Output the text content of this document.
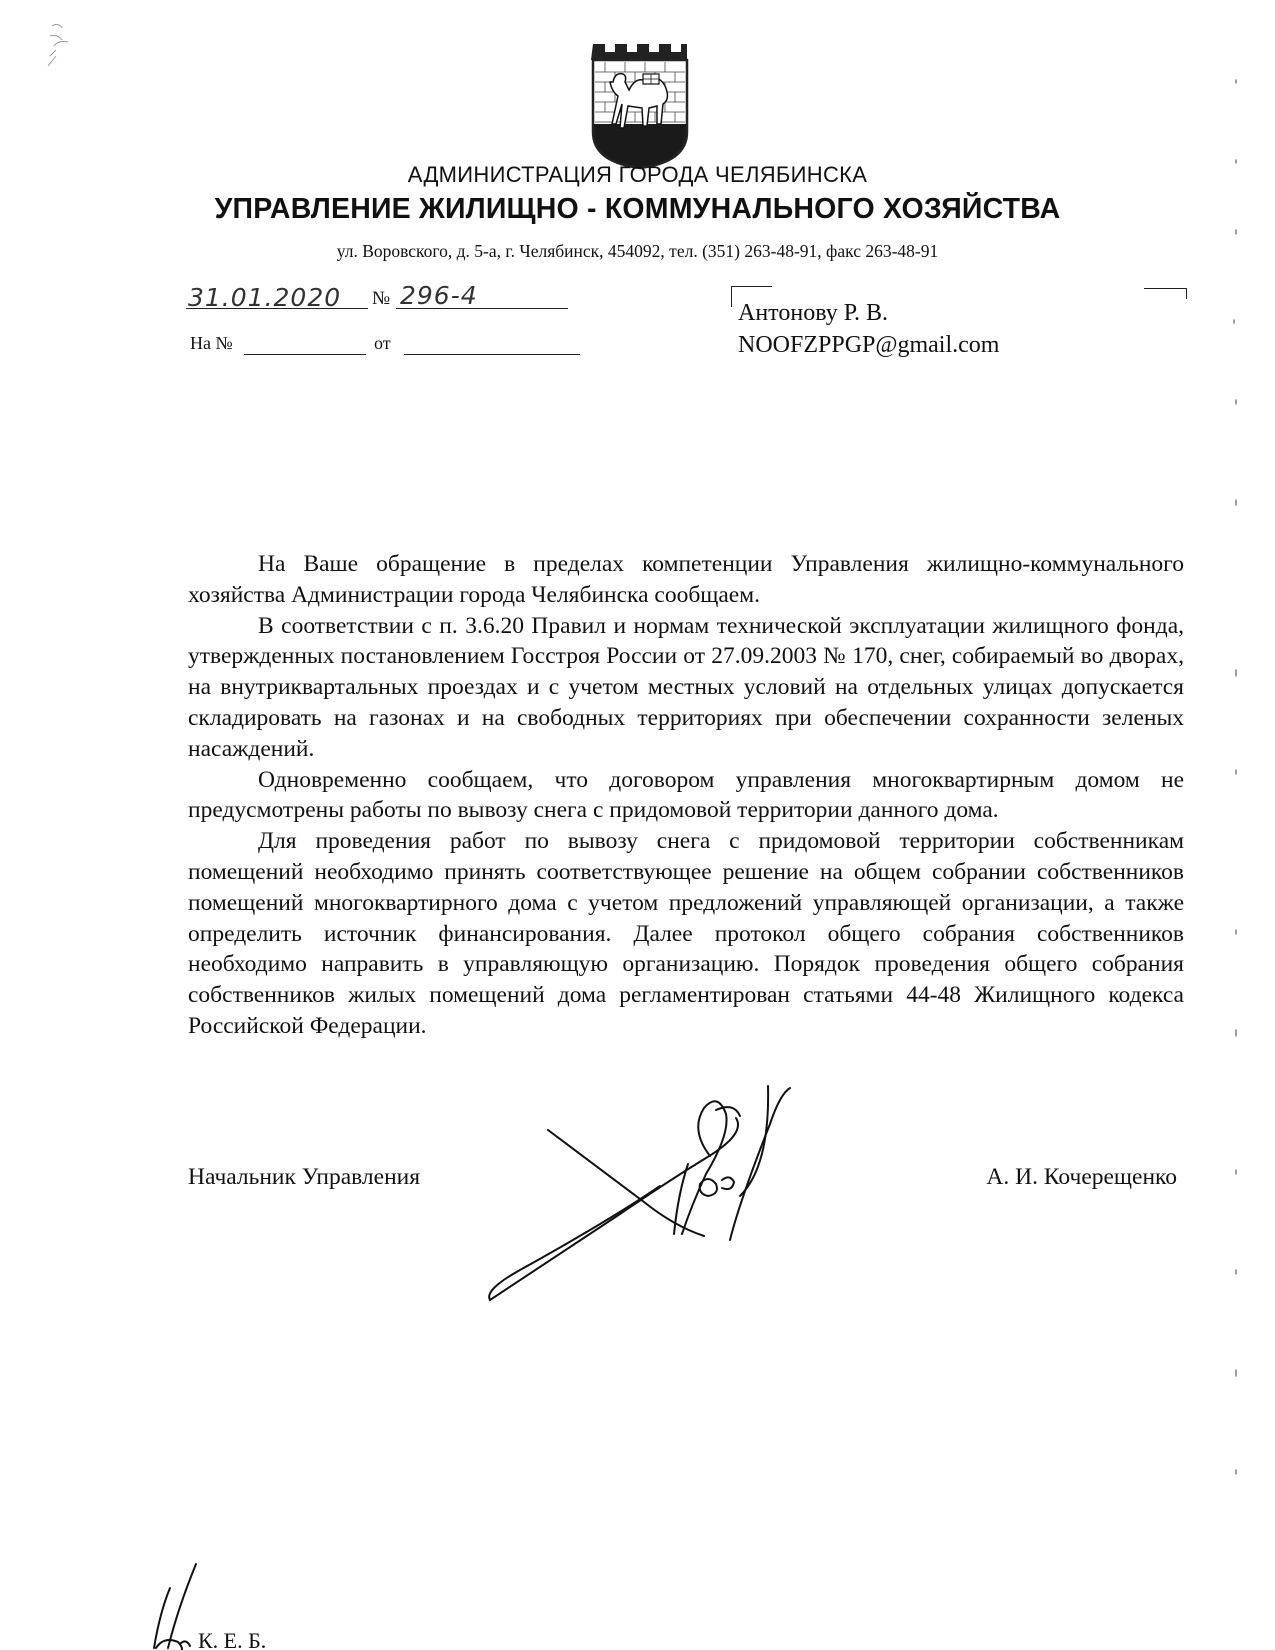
АДМИНИСТРАЦИЯ ГОРОДА ЧЕЛЯБИНСКА
УПРАВЛЕНИЕ ЖИЛИЩНО - КОММУНАЛЬНОГО ХОЗЯЙСТВА
ул. Воровского, д. 5-а, г. Челябинск, 454092, тел. (351) 263-48-91, факс 263-48-91
31.01.2020 № 296-4
На №	от
Антонову Р. В.
NOOFZPPGP@gmail.com

На Ваше обращение в пределах компетенции Управления жилищно-коммунального хозяйства Администрации города Челябинска сообщаем.

В соответствии с п. 3.6.20 Правил и нормам технической эксплуатации жилищного фонда, утвержденных постановлением Госстроя России от 27.09.2003 № 170, снег, собираемый во дворах, на внутриквартальных проездах и с учетом местных условий на отдельных улицах допускается складировать на газонах и на свободных территориях при обеспечении сохранности зеленых насаждений.

Одновременно сообщаем, что договором управления многоквартирным домом не предусмотрены работы по вывозу снега с придомовой территории данного дома.

Для проведения работ по вывозу снега с придомовой территории собственникам помещений необходимо принять соответствующее решение на общем собрании собственников помещений многоквартирного дома с учетом предложений управляющей организации, а также определить источник финансирования. Далее протокол общего собрания собственников необходимо направить в управляющую организацию. Порядок проведения общего собрания собственников жилых помещений дома регламентирован статьями 44-48 Жилищного кодекса Российской Федерации.

Начальник Управления	А. И. Кочерещенко
К. Е. Б.
